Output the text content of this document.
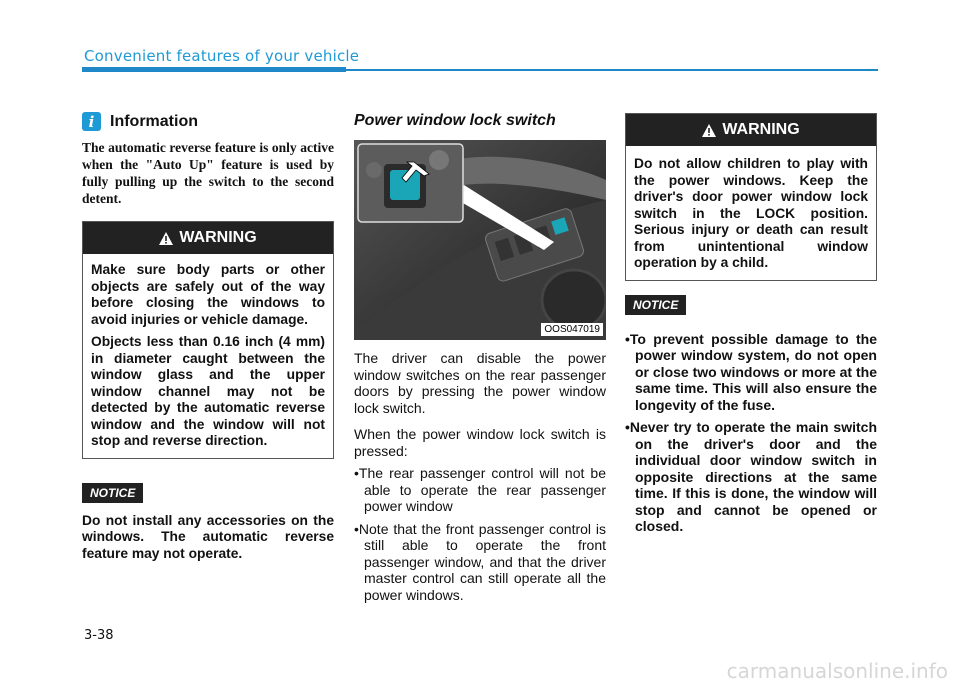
Convenient features of your vehicle
i Information
The automatic reverse feature is only active when the "Auto Up" feature is used by fully pulling up the switch to the second detent.
WARNING

Make sure body parts or other objects are safely out of the way before closing the windows to avoid injuries or vehicle damage.

Objects less than 0.16 inch (4 mm) in diameter caught between the window glass and the upper window channel may not be detected by the automatic reverse window and the window will not stop and reverse direction.

NOTICE

Do not install any accessories on the windows. The automatic reverse feature may not operate.

Power window lock switch
OOS047019

The driver can disable the power window switches on the rear passenger doors by pressing the power window lock switch.

When the power window lock switch is pressed:

• The rear passenger control will not be able to operate the rear passenger power window
• Note that the front passenger control is still able to operate the front passenger window, and that the driver master control can still operate all the power windows.
WARNING

Do not allow children to play with the power windows. Keep the driver's door power window lock switch in the LOCK position. Serious injury or death can result from unintentional window operation by a child.

NOTICE
• To prevent possible damage to the power window system, do not open or close two windows or more at the same time. This will also ensure the longevity of the fuse.
• Never try to operate the main switch on the driver's door and the individual door window switch in opposite directions at the same time. If this is done, the window will stop and cannot be opened or closed.
3-38
carmanualsonline.info
